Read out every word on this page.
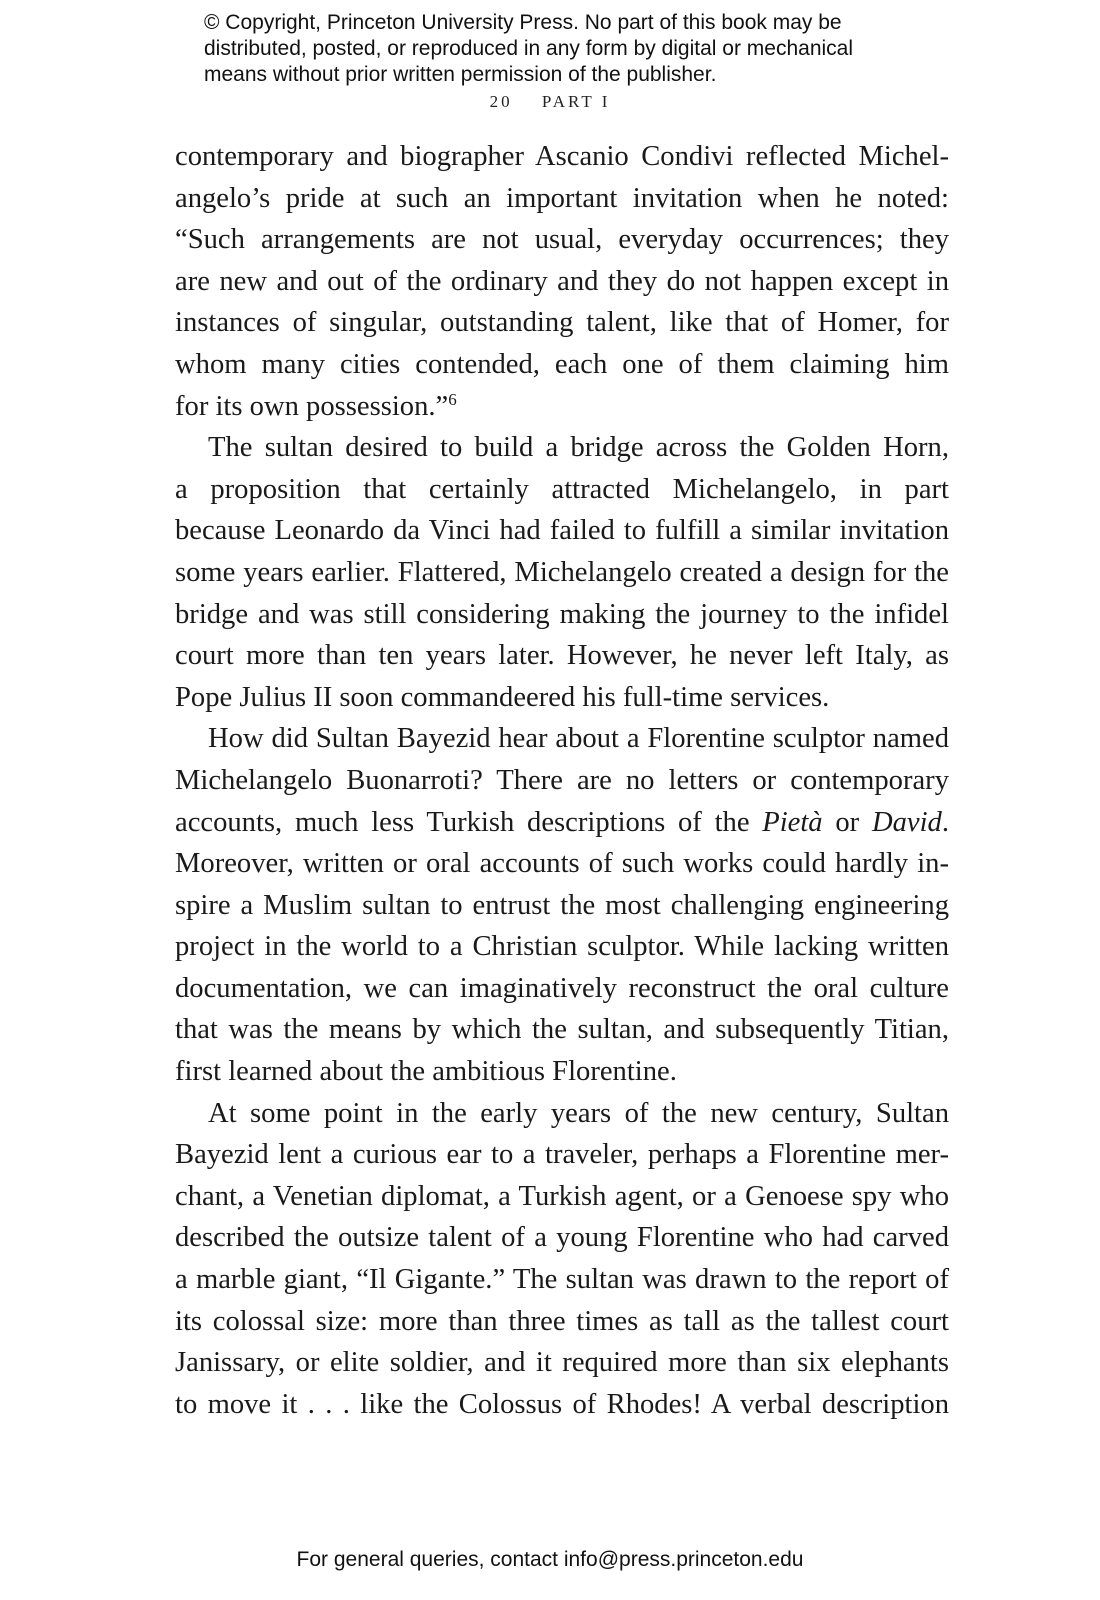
© Copyright, Princeton University Press. No part of this book may be
distributed, posted, or reproduced in any form by digital or mechanical
means without prior written permission of the publisher.
20 PART I
contemporary and biographer Ascanio Condivi reflected Michel-
angelo’s pride at such an important invitation when he noted:
“Such arrangements are not usual, everyday occurrences; they
are new and out of the ordinary and they do not happen except in
instances of singular, outstanding talent, like that of Homer, for
whom many cities contended, each one of them claiming him
for its own possession.”$^6$
The sultan desired to build a bridge across the Golden Horn,
a proposition that certainly attracted Michelangelo, in part
because Leonardo da Vinci had failed to fulfill a similar invitation
some years earlier. Flattered, Michelangelo created a design for the
bridge and was still considering making the journey to the infidel
court more than ten years later. However, he never left Italy, as
Pope Julius II soon commandeered his full-time services.
How did Sultan Bayezid hear about a Florentine sculptor named
Michelangelo Buonarroti? There are no letters or contemporary
accounts, much less Turkish descriptions of the Pietà or David.
Moreover, written or oral accounts of such works could hardly in-
spire a Muslim sultan to entrust the most challenging engineering
project in the world to a Christian sculptor. While lacking written
documentation, we can imaginatively reconstruct the oral culture
that was the means by which the sultan, and subsequently Titian,
first learned about the ambitious Florentine.
At some point in the early years of the new century, Sultan
Bayezid lent a curious ear to a traveler, perhaps a Florentine mer-
chant, a Venetian diplomat, a Turkish agent, or a Genoese spy who
described the outsize talent of a young Florentine who had carved
a marble giant, “Il Gigante.” The sultan was drawn to the report of
its colossal size: more than three times as tall as the tallest court
Janissary, or elite soldier, and it required more than six elephants
to move it . . . like the Colossus of Rhodes! A verbal description
For general queries, contact info@press.princeton.edu
